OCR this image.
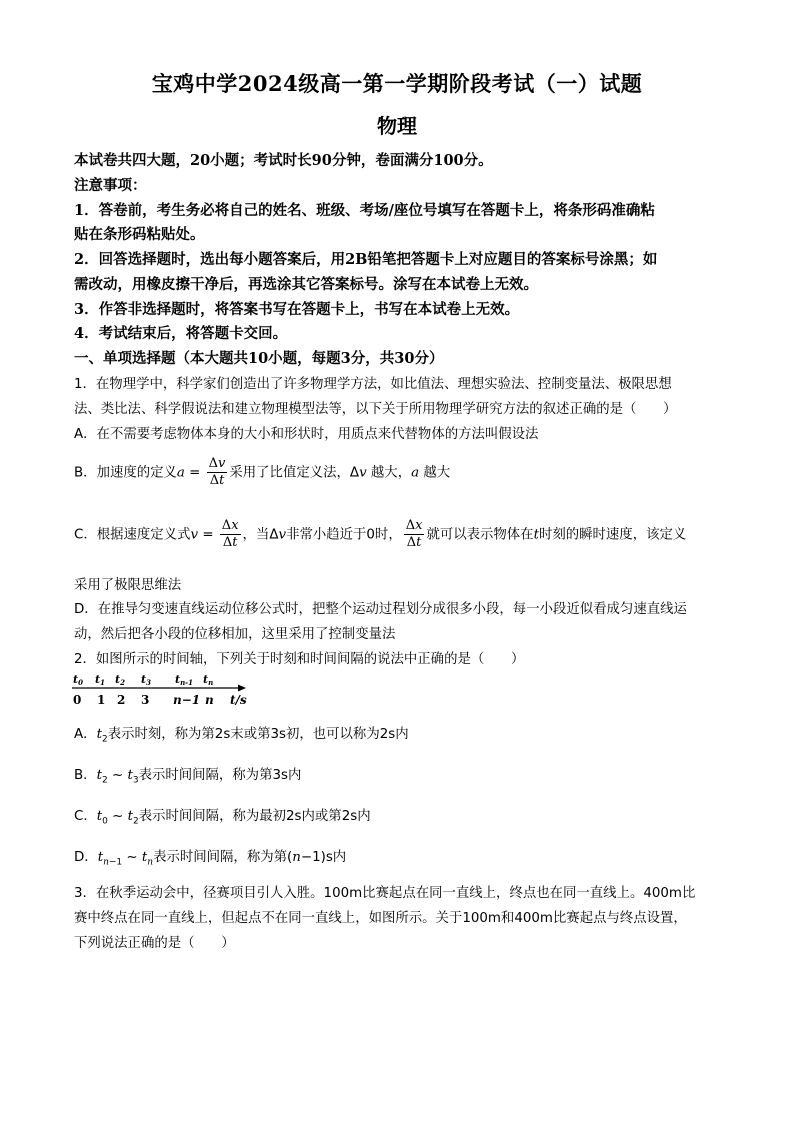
宝鸡中学2024级高一第一学期阶段考试（一）试题
物理
本试卷共四大题，20小题；考试时长90分钟，卷面满分100分。
注意事项：
1．答卷前，考生务必将自己的姓名、班级、考场/座位号填写在答题卡上，将条形码准确粘
贴在条形码粘贴处。
2．回答选择题时，选出每小题答案后，用2B铅笔把答题卡上对应题目的答案标号涂黑；如
需改动，用橡皮擦干净后，再选涂其它答案标号。涂写在本试卷上无效。
3．作答非选择题时，将答案书写在答题卡上，书写在本试卷上无效。
4．考试结束后，将答题卡交回。
一、单项选择题（本大题共10小题，每题3分，共30分）
1．在物理学中，科学家们创造出了许多物理学方法，如比值法、理想实验法、控制变量法、极限思想
法、类比法、科学假说法和建立物理模型法等，以下关于所用物理学研究方法的叙述正确的是（　　）
A．在不需要考虑物体本身的大小和形状时，用质点来代替物体的方法叫假设法
B．加速度的定义$a = \frac{\Delta v}{\Delta t}$ 采用了比值定义法，Δv 越大，a 越大
C．根据速度定义式$v = \frac{\Delta x}{\Delta t}$ ，当Δv非常小趋近于0时， $\frac{\Delta x}{\Delta t}$ 就可以表示物体在t时刻的瞬时速度，该定义
采用了极限思维法
D．在推导匀变速直线运动位移公式时，把整个运动过程划分成很多小段，每一小段近似看成匀速直线运
动，然后把各小段的位移相加，这里采用了控制变量法
2．如图所示的时间轴，下列关于时刻和时间间隔的说法中正确的是（　　）
·
t0 t1 t2 t3 tn-1 tn
0 1 2 3 n−1 n t/s
A．$t_2$表示时刻，称为第2s末或第3s初，也可以称为2s内
B．$t_2$ ~ $t_3$表示时间间隔，称为第3s内
C．$t_0$ ~ $t_2$表示时间间隔，称为最初2s内或第2s内
D．$t_{n-1}$ ~ $t_n$表示时间间隔，称为第(n−1)s内
3．在秋季运动会中，径赛项目引人入胜。100m比赛起点在同一直线上，终点也在同一直线上。400m比
赛中终点在同一直线上，但起点不在同一直线上，如图所示。关于100m和400m比赛起点与终点设置，
下列说法正确的是（　　）
